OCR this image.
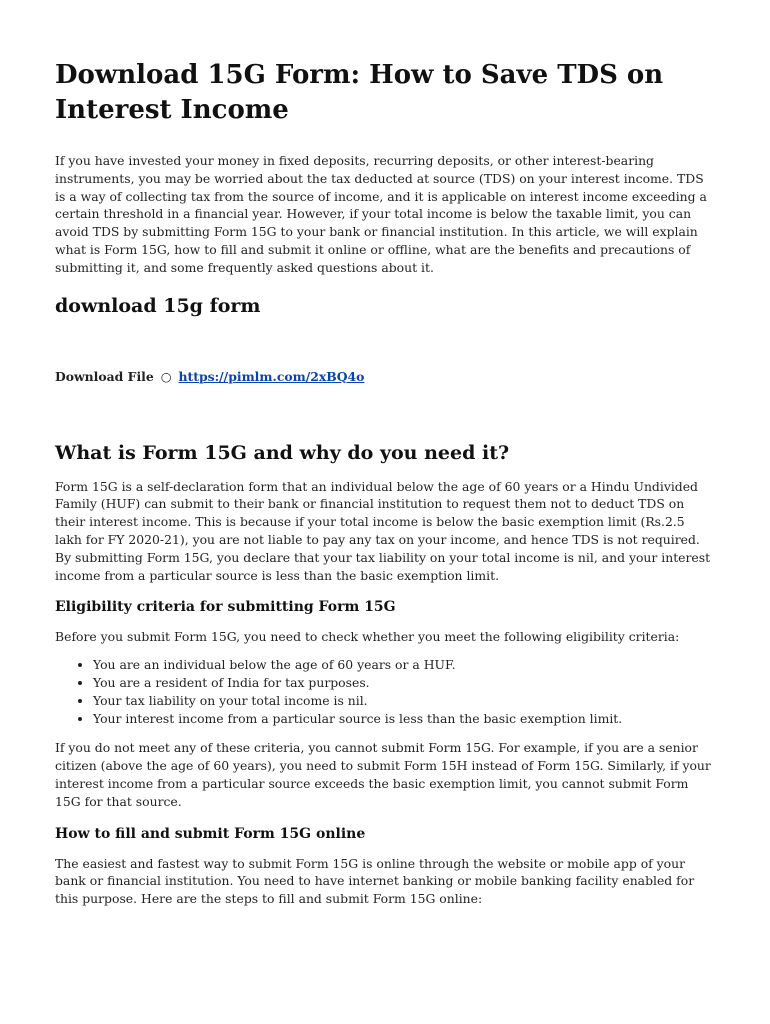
Download 15G Form: How to Save TDS on Interest Income

If you have invested your money in fixed deposits, recurring deposits, or other interest-bearing instruments, you may be worried about the tax deducted at source (TDS) on your interest income. TDS is a way of collecting tax from the source of income, and it is applicable on interest income exceeding a certain threshold in a financial year. However, if your total income is below the taxable limit, you can avoid TDS by submitting Form 15G to your bank or financial institution. In this article, we will explain what is Form 15G, how to fill and submit it online or offline, what are the benefits and precautions of submitting it, and some frequently asked questions about it.

download 15g form
Download File ○ https://pimlm.com/2xBQ4o
What is Form 15G and why do you need it?

Form 15G is a self-declaration form that an individual below the age of 60 years or a Hindu Undivided Family (HUF) can submit to their bank or financial institution to request them not to deduct TDS on their interest income. This is because if your total income is below the basic exemption limit (Rs.2.5 lakh for FY 2020-21), you are not liable to pay any tax on your income, and hence TDS is not required. By submitting Form 15G, you declare that your tax liability on your total income is nil, and your interest income from a particular source is less than the basic exemption limit.

Eligibility criteria for submitting Form 15G

Before you submit Form 15G, you need to check whether you meet the following eligibility criteria:

• You are an individual below the age of 60 years or a HUF.
• You are a resident of India for tax purposes.
• Your tax liability on your total income is nil.
• Your interest income from a particular source is less than the basic exemption limit.

If you do not meet any of these criteria, you cannot submit Form 15G. For example, if you are a senior citizen (above the age of 60 years), you need to submit Form 15H instead of Form 15G. Similarly, if your interest income from a particular source exceeds the basic exemption limit, you cannot submit Form 15G for that source.

How to fill and submit Form 15G online

The easiest and fastest way to submit Form 15G is online through the website or mobile app of your bank or financial institution. You need to have internet banking or mobile banking facility enabled for this purpose. Here are the steps to fill and submit Form 15G online:
